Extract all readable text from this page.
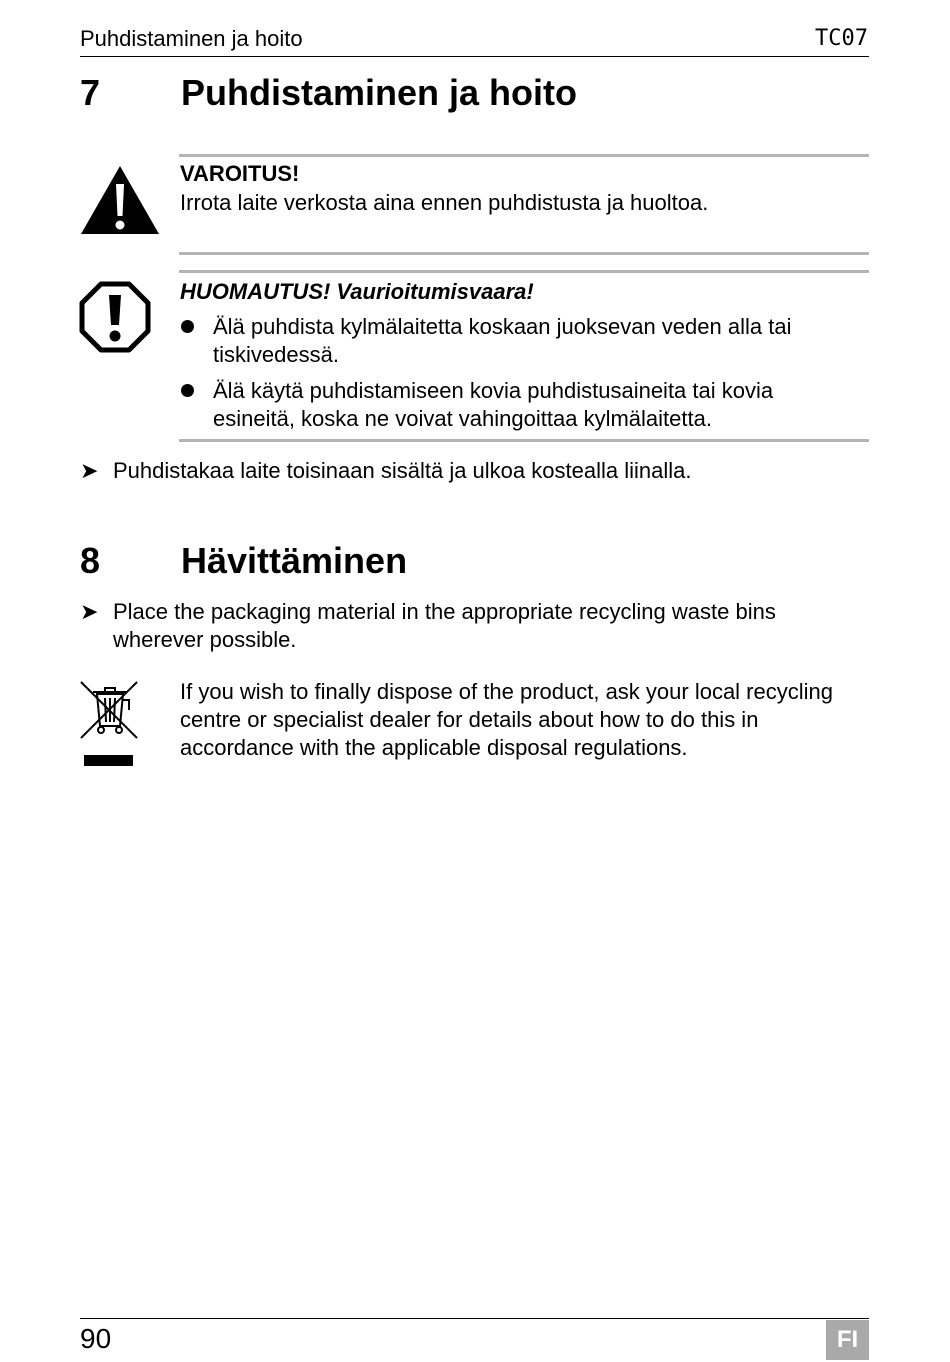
Puhdistaminen ja hoito	TC07
7 Puhdistaminen ja hoito
VAROITUS!
Irrota laite verkosta aina ennen puhdistusta ja huoltoa.
HUOMAUTUS! Vaurioitumisvaara!
Älä puhdista kylmälaitetta koskaan juoksevan veden alla tai
tiskivedessä.
Älä käytä puhdistamiseen kovia puhdistusaineita tai kovia
esineitä, koska ne voivat vahingoittaa kylmälaitetta.
➤ Puhdistakaa laite toisinaan sisältä ja ulkoa kostealla liinalla.
8 Hävittäminen
➤ Place the packaging material in the appropriate recycling waste bins
wherever possible.
If you wish to finally dispose of the product, ask your local recycling
centre or specialist dealer for details about how to do this in
accordance with the applicable disposal regulations.
90	FI
